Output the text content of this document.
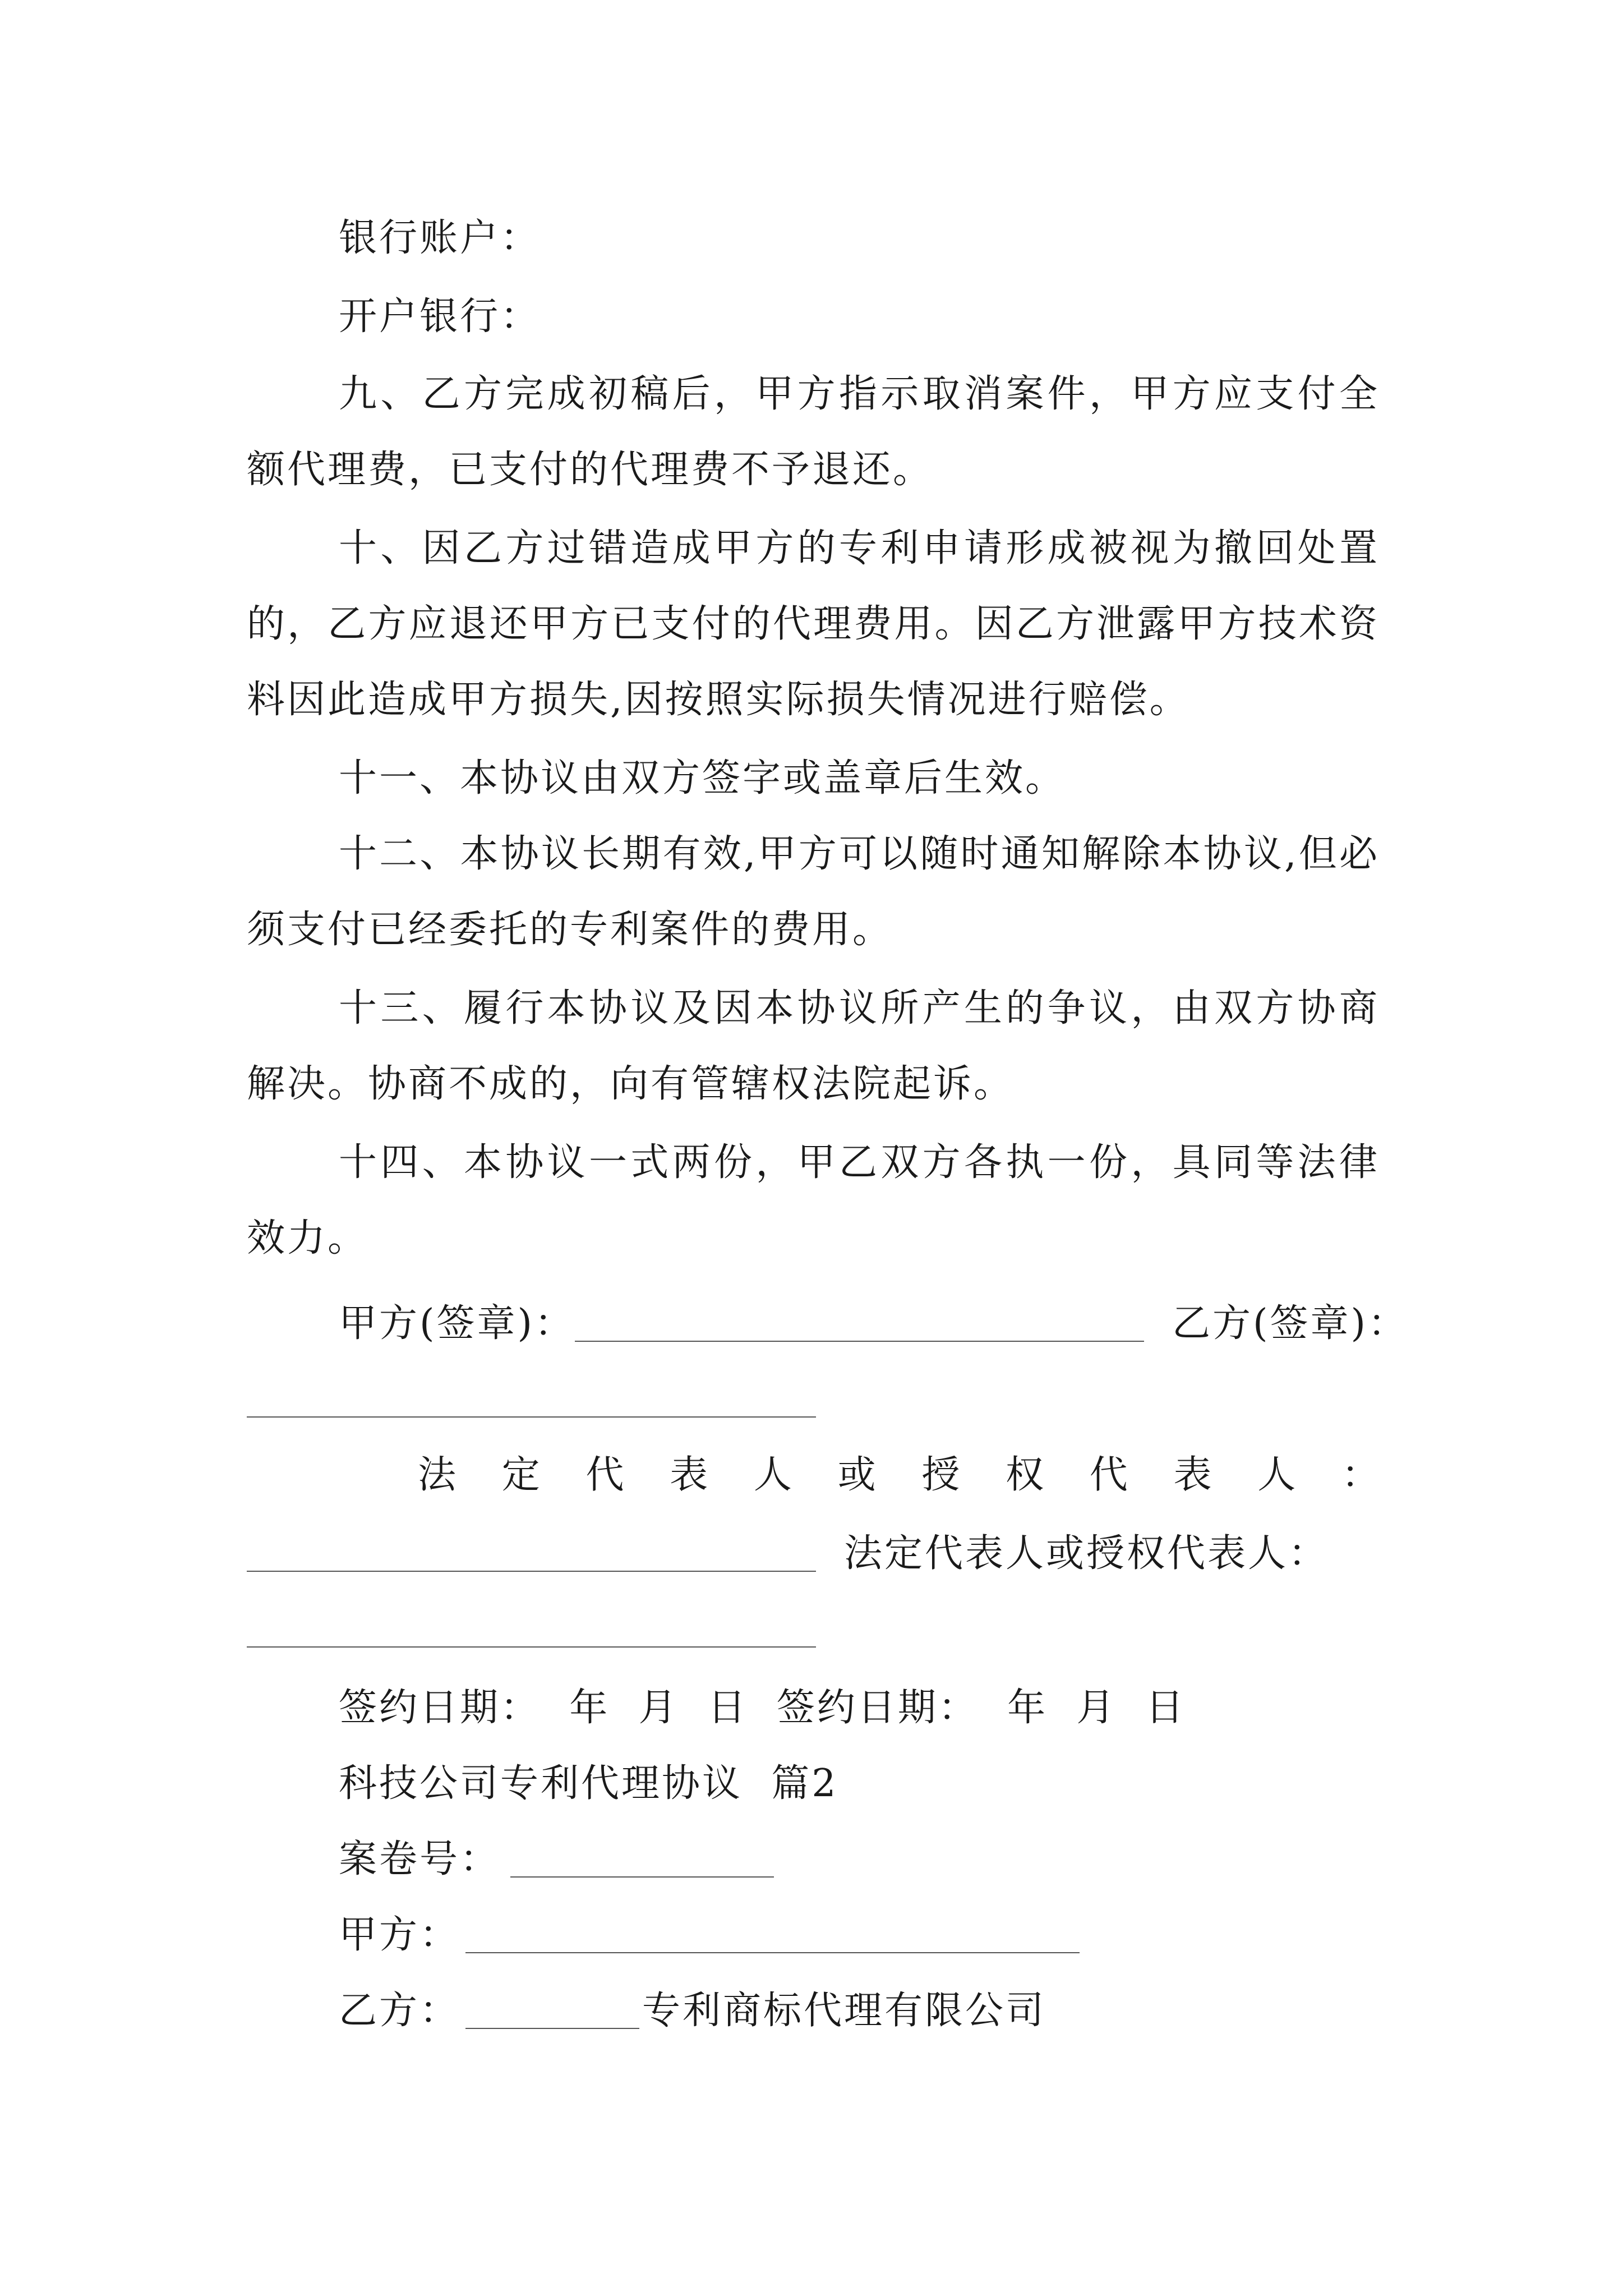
银行账户：
开户银行：

九、乙方完成初稿后，甲方指示取消案件，甲方应支付全额代理费，已支付的代理费不予退还。

十、因乙方过错造成甲方的专利申请形成被视为撤回处置的，乙方应退还甲方已支付的代理费用。因乙方泄露甲方技术资料因此造成甲方损失,因按照实际损失情况进行赔偿。

十一、本协议由双方签字或盖章后生效。

十二、本协议长期有效,甲方可以随时通知解除本协议,但必须支付已经委托的专利案件的费用。

十三、履行本协议及因本协议所产生的争议，由双方协商解决。协商不成的，向有管辖权法院起诉。

十四、本协议一式两份，甲乙双方各执一份，具同等法律效力。

甲方(签章)：	乙方(签章)：
法 定 代 表 人 或 授 权 代 表 人 ：
法定代表人或授权代表人：
签约日期：  年  月  日  签约日期：  年  月  日
科技公司专利代理协议  篇2
案卷号：
甲方：
乙方：	专利商标代理有限公司
